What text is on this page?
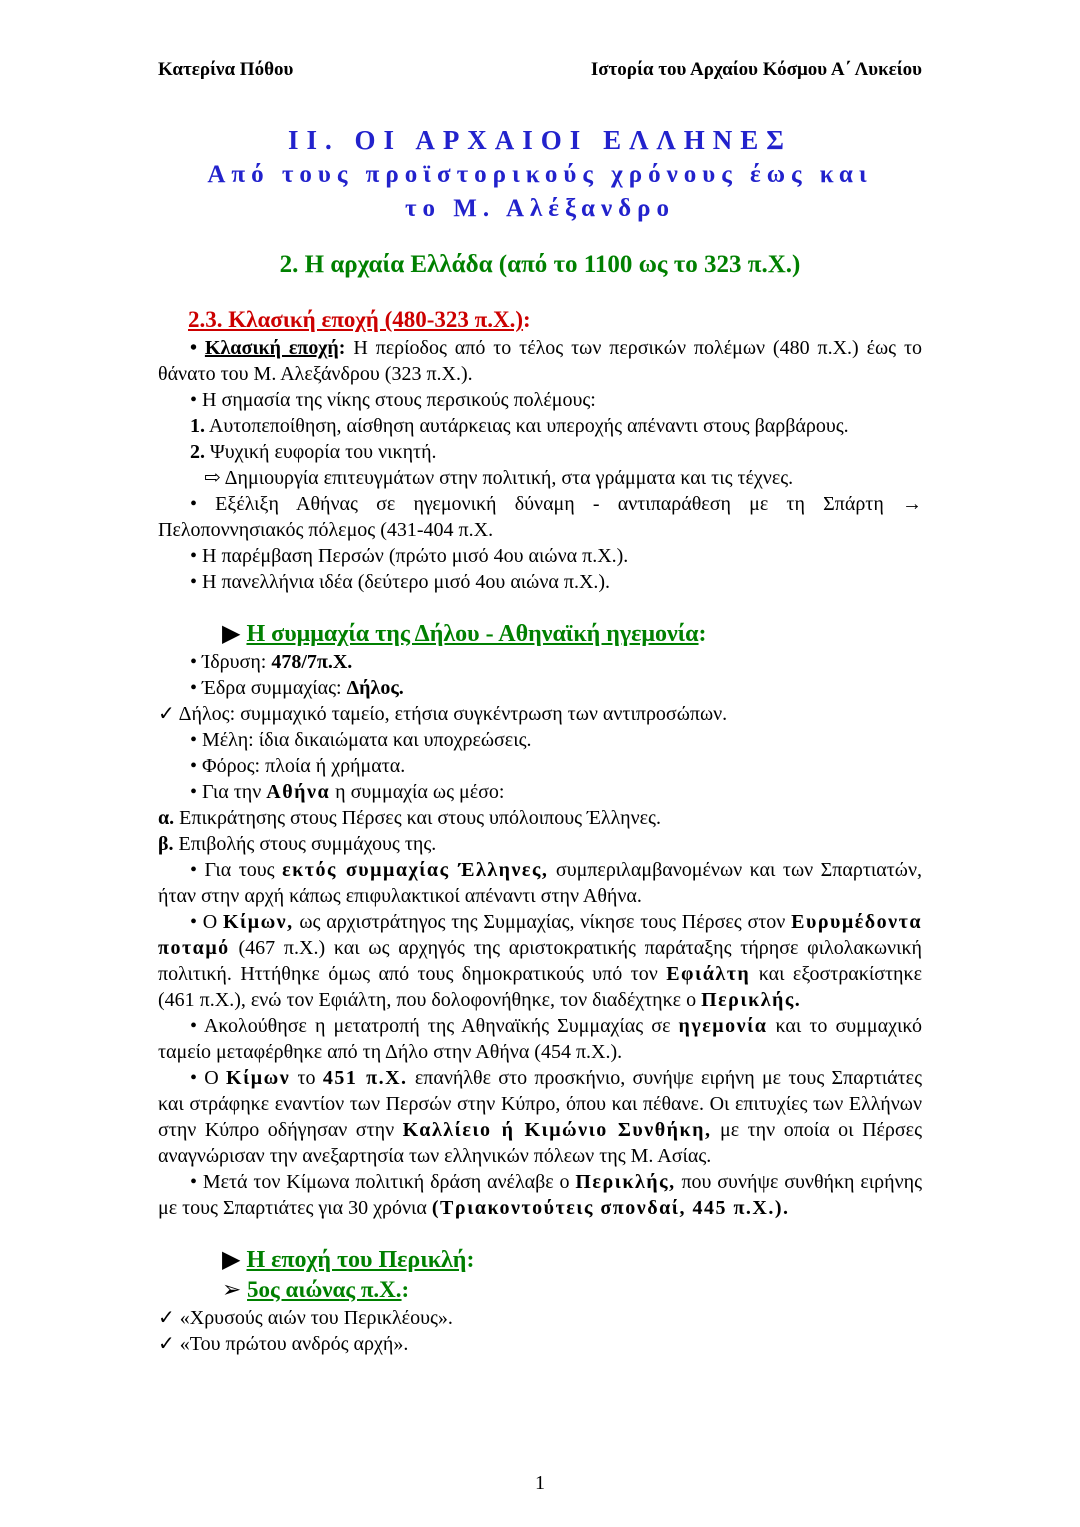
Κατερίνα Πόθου	Ιστορία του Αρχαίου Κόσμου Α΄ Λυκείου
ΙΙ. ΟΙ ΑΡΧΑΙΟΙ ΕΛΛΗΝΕΣ
Από τους προϊστορικούς χρόνους έως και
το Μ. Αλέξανδρο
2. Η αρχαία Ελλάδα (από το 1100 ως το 323 π.Χ.)
2.3. Κλασική εποχή (480-323 π.Χ.):
• Κλασική εποχή: Η περίοδος από το τέλος των περσικών πολέμων (480 π.Χ.) έως το θάνατο του Μ. Αλεξάνδρου (323 π.Χ.).
• Η σημασία της νίκης στους περσικούς πολέμους:
1. Αυτοπεποίθηση, αίσθηση αυτάρκειας και υπεροχής απέναντι στους βαρβάρους.
2. Ψυχική ευφορία του νικητή.
⇨ Δημιουργία επιτευγμάτων στην πολιτική, στα γράμματα και τις τέχνες.
• Εξέλιξη Αθήνας σε ηγεμονική δύναμη - αντιπαράθεση με τη Σπάρτη → Πελοποννησιακός πόλεμος (431-404 π.Χ.
• Η παρέμβαση Περσών (πρώτο μισό 4ου αιώνα π.Χ.).
• Η πανελλήνια ιδέα (δεύτερο μισό 4ου αιώνα π.Χ.).
▶ Η συμμαχία της Δήλου - Αθηναϊκή ηγεμονία:
• Ίδρυση: 478/7π.Χ.
• Έδρα συμμαχίας: Δήλος.
✓ Δήλος: συμμαχικό ταμείο, ετήσια συγκέντρωση των αντιπροσώπων.
• Μέλη: ίδια δικαιώματα και υποχρεώσεις.
• Φόρος: πλοία ή χρήματα.
• Για την Αθήνα η συμμαχία ως μέσο:
α. Επικράτησης στους Πέρσες και στους υπόλοιπους Έλληνες.
β. Επιβολής στους συμμάχους της.
• Για τους εκτός συμμαχίας Έλληνες, συμπεριλαμβανομένων και των Σπαρτιατών, ήταν στην αρχή κάπως επιφυλακτικοί απέναντι στην Αθήνα.
• Ο Κίμων, ως αρχιστράτηγος της Συμμαχίας, νίκησε τους Πέρσες στον Ευρυμέδοντα ποταμό (467 π.Χ.) και ως αρχηγός της αριστοκρατικής παράταξης τήρησε φιλολακωνική πολιτική. Ηττήθηκε όμως από τους δημοκρατικούς υπό τον Εφιάλτη και εξοστρακίστηκε (461 π.Χ.), ενώ τον Εφιάλτη, που δολοφονήθηκε, τον διαδέχτηκε ο Περικλής.
• Ακολούθησε η μετατροπή της Αθηναϊκής Συμμαχίας σε ηγεμονία και το συμμαχικό ταμείο μεταφέρθηκε από τη Δήλο στην Αθήνα (454 π.Χ.).
• Ο Κίμων το 451 π.Χ. επανήλθε στο προσκήνιο, συνήψε ειρήνη με τους Σπαρτιάτες και στράφηκε εναντίον των Περσών στην Κύπρο, όπου και πέθανε. Οι επιτυχίες των Ελλήνων στην Κύπρο οδήγησαν στην Καλλίειο ή Κιμώνιο Συνθήκη, με την οποία οι Πέρσες αναγνώρισαν την ανεξαρτησία των ελληνικών πόλεων της Μ. Ασίας.
• Μετά τον Κίμωνα πολιτική δράση ανέλαβε ο Περικλής, που συνήψε συνθήκη ειρήνης με τους Σπαρτιάτες για 30 χρόνια (Τριακοντούτεις σπονδαί, 445 π.Χ.).
▶ Η εποχή του Περικλή:
➢ 5ος αιώνας π.Χ.:
✓ «Χρυσούς αιών του Περικλέους».
✓ «Του πρώτου ανδρός αρχή».
1
